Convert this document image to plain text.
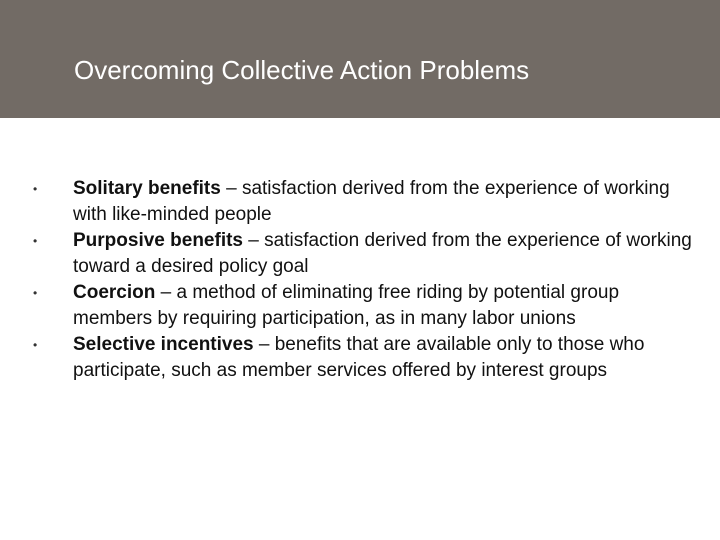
Overcoming Collective Action Problems
• Solitary benefits – satisfaction derived from the experience of working with like-minded people
• Purposive benefits – satisfaction derived from the experience of working toward a desired policy goal
• Coercion – a method of eliminating free riding by potential group members by requiring participation, as in many labor unions
• Selective incentives – benefits that are available only to those who participate, such as member services offered by interest groups
